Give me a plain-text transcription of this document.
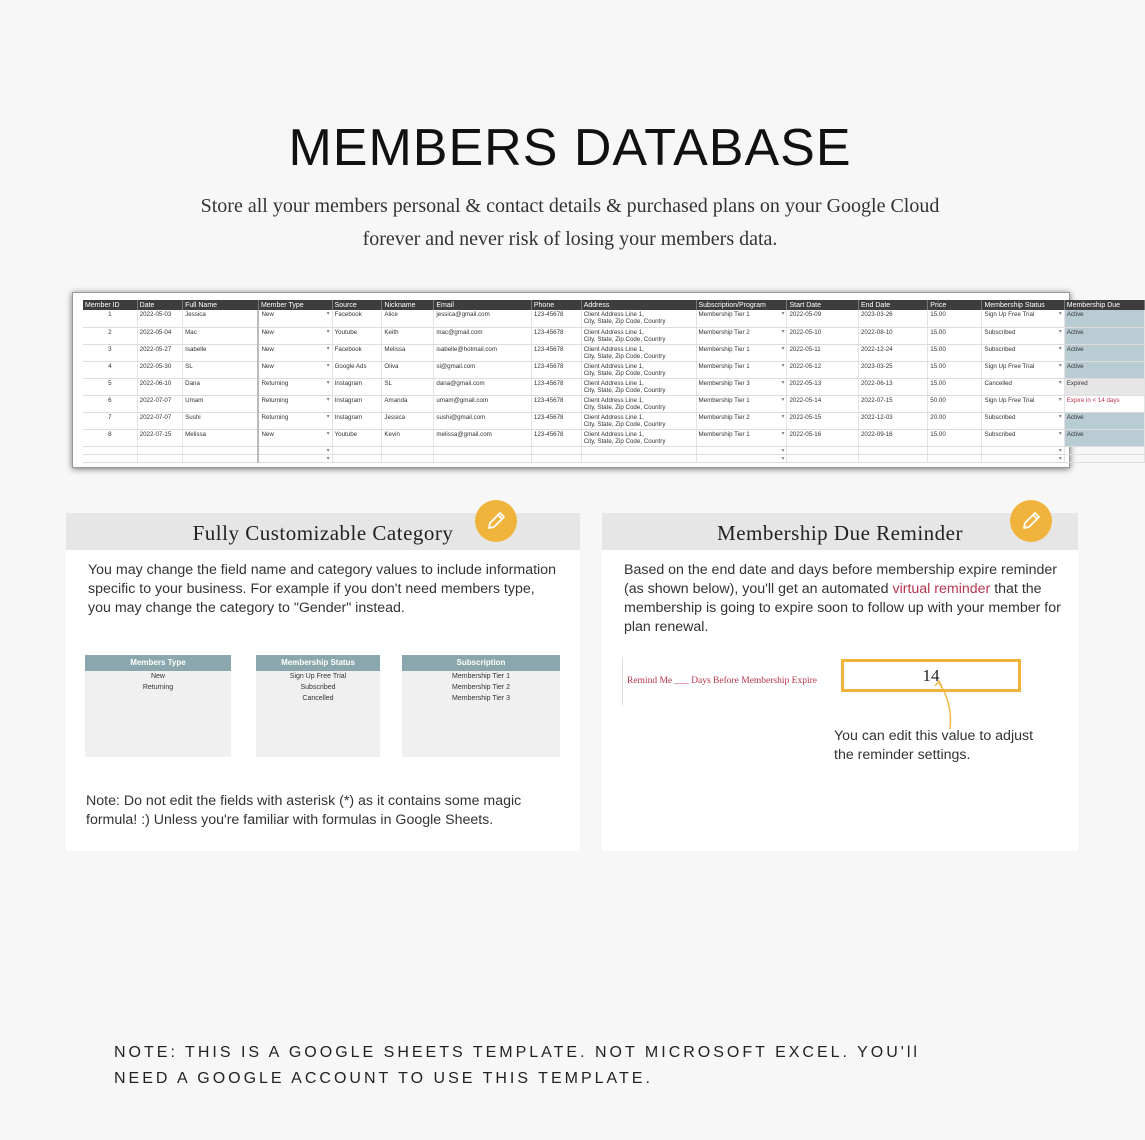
MEMBERS DATABASE

Store all your members personal & contact details & purchased plans on your Google Cloud forever and never risk of losing your members data.

Member ID	Date	Full Name	Member Type	Source	Nickname	Email	Phone	Address	Subscription/Program	Start Date	End Date	Price	Membership Status	Membership Due
1	2022-05-03	Jessica	New ▾	Facebook	Alice	jessica@gmail.com	123-45678	Client Address Line 1,
City, State, Zip Code, Country	Membership Tier 1 ▾	2022-05-09	2023-03-26	15.00	Sign Up Free Trial ▾	Active
2	2022-05-04	Mac	New ▾	Youtube	Keith	mac@gmail.com	123-45678	Client Address Line 1,
City, State, Zip Code, Country	Membership Tier 2 ▾	2022-05-10	2022-08-10	15.00	Subscribed ▾	Active
3	2022-05-27	Isabelle	New ▾	Facebook	Melissa	isabelle@hotmail.com	123-45678	Client Address Line 1,
City, State, Zip Code, Country	Membership Tier 1 ▾	2022-05-11	2022-12-24	15.00	Subscribed ▾	Active
4	2022-05-30	SL	New ▾	Google Ads	Oliva	sl@gmail.com	123-45678	Client Address Line 1,
City, State, Zip Code, Country	Membership Tier 1 ▾	2022-05-12	2023-03-25	15.00	Sign Up Free Trial ▾	Active
5	2022-06-10	Dana	Returning ▾	Instagram	SL	dana@gmail.com	123-45678	Client Address Line 1,
City, State, Zip Code, Country	Membership Tier 3 ▾	2022-05-13	2022-06-13	15.00	Cancelled ▾	Expired
6	2022-07-07	Umam	Returning ▾	Instagram	Amanda	umam@gmail.com	123-45678	Client Address Line 1,
City, State, Zip Code, Country	Membership Tier 1 ▾	2022-05-14	2022-07-15	50.00	Sign Up Free Trial ▾	Expire in < 14 days
7	2022-07-07	Sushi	Returning ▾	Instagram	Jessica	sushi@gmail.com	123-45678	Client Address Line 1,
City, State, Zip Code, Country	Membership Tier 2 ▾	2022-05-15	2022-12-03	20.00	Subscribed ▾	Active
8	2022-07-15	Melissa	New ▾	Youtube	Kevin	melissa@gmail.com	123-45678	Client Address Line 1,
City, State, Zip Code, Country	Membership Tier 1 ▾	2022-05-16	2022-09-16	15.00	Subscribed ▾	Active
			▾						▾				▾	
			▾						▾				▾	
Fully Customizable Category
You may change the field name and category values to include information specific to your business. For example if you don't need members type, you may change the category to "Gender" instead.
Members Type
New
Returning
Membership Status
Sign Up Free Trial
Subscribed
Cancelled
Subscription
Membership Tier 1
Membership Tier 2
Membership Tier 3
Note: Do not edit the fields with asterisk (*) as it contains some magic formula! :) Unless you're familiar with formulas in Google Sheets.
Membership Due Reminder
Based on the end date and days before membership expire reminder (as shown below), you'll get an automated virtual reminder that the membership is going to expire soon to follow up with your member for plan renewal.
Remind Me ___ Days Before Membership Expire	14
You can edit this value to adjust the reminder settings.
NOTE: THIS IS A GOOGLE SHEETS TEMPLATE. NOT MICROSOFT EXCEL. YOU'll NEED A GOOGLE ACCOUNT TO USE THIS TEMPLATE.
